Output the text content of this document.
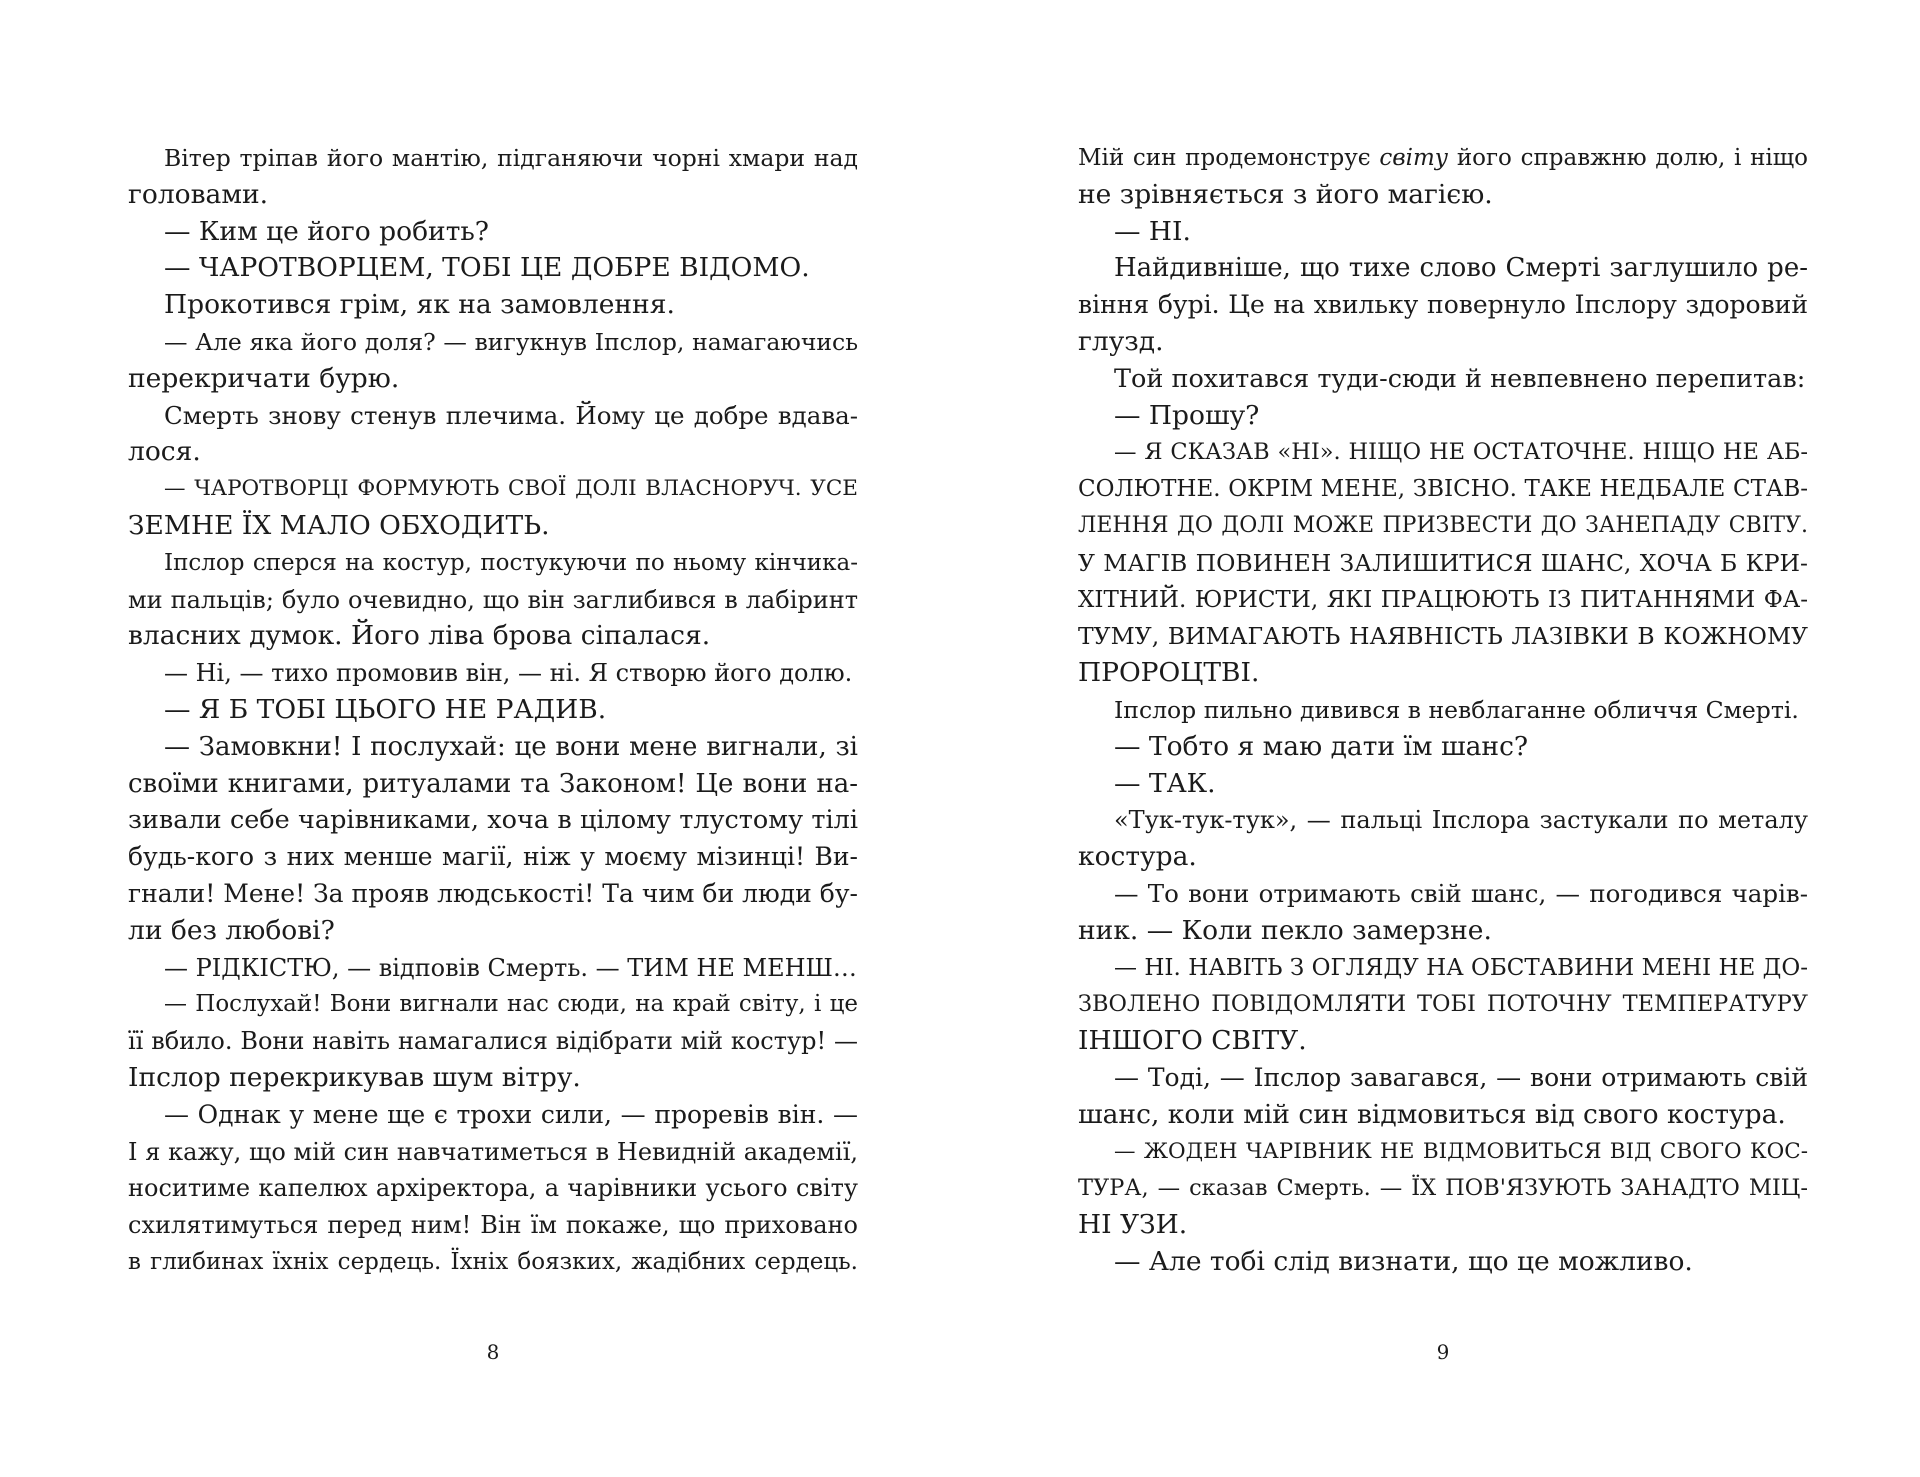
Вітер тріпав його мантію, підганяючи чорні хмари над
головами.
— Ким це його робить?
— ЧАРОТВОРЦЕМ, ТОБІ ЦЕ ДОБРЕ ВІДОМО.
Прокотився грім, як на замовлення.
— Але яка його доля? — вигукнув Іпслор, намагаючись
перекричати бурю.
Смерть знову стенув плечима. Йому це добре вдава-
лося.
— ЧАРОТВОРЦІ ФОРМУЮТЬ СВОЇ ДОЛІ ВЛАСНОРУЧ. УСЕ
ЗЕМНЕ ЇХ МАЛО ОБХОДИТЬ.
Іпслор сперся на костур, постукуючи по ньому кінчика-
ми пальців; було очевидно, що він заглибився в лабіринт
власних думок. Його ліва брова сіпалася.
— Ні, — тихо промовив він, — ні. Я створю його долю.
— Я Б ТОБІ ЦЬОГО НЕ РАДИВ.
— Замовкни! І послухай: це вони мене вигнали, зі
своїми книгами, ритуалами та Законом! Це вони на-
зивали себе чарівниками, хоча в цілому тлустому тілі
будь-кого з них менше магії, ніж у моєму мізинці! Ви-
гнали! Мене! За прояв людськості! Та чим би люди бу-
ли без любові?
— РІДКІСТЮ, — відповів Смерть. — ТИМ НЕ МЕНШ…
— Послухай! Вони вигнали нас сюди, на край світу, і це
її вбило. Вони навіть намагалися відібрати мій костур! —
Іпслор перекрикував шум вітру.
— Однак у мене ще є трохи сили, — проревів він. —
І я кажу, що мій син навчатиметься в Невидній академії,
носитиме капелюх архіректора, а чарівники усього світу
схилятимуться перед ним! Він їм покаже, що приховано
в глибинах їхніх сердець. Їхніх боязких, жадібних сердець.
8
Мій син продемонструє світу його справжню долю, і ніщо
не зрівняється з його магією.
— НІ.
Найдивніше, що тихе слово Смерті заглушило ре-
віння бурі. Це на хвильку повернуло Іпслору здоровий
глузд.
Той похитався туди-сюди й невпевнено перепитав:
— Прошу?
— Я СКАЗАВ «НІ». НІЩО НЕ ОСТАТОЧНЕ. НІЩО НЕ АБ-
СОЛЮТНЕ. ОКРІМ МЕНЕ, ЗВІСНО. ТАКЕ НЕДБАЛЕ СТАВ-
ЛЕННЯ ДО ДОЛІ МОЖЕ ПРИЗВЕСТИ ДО ЗАНЕПАДУ СВІТУ.
У МАГІВ ПОВИНЕН ЗАЛИШИТИСЯ ШАНС, ХОЧА Б КРИ-
ХІТНИЙ. ЮРИСТИ, ЯКІ ПРАЦЮЮТЬ ІЗ ПИТАННЯМИ ФА-
ТУМУ, ВИМАГАЮТЬ НАЯВНІСТЬ ЛАЗІВКИ В КОЖНОМУ
ПРОРОЦТВІ.
Іпслор пильно дивився в невблаганне обличчя Смерті.
— Тобто я маю дати їм шанс?
— ТАК.
«Тук-тук-тук», — пальці Іпслора застукали по металу
костура.
— То вони отримають свій шанс, — погодився чарів-
ник. — Коли пекло замерзне.
— НІ. НАВІТЬ З ОГЛЯДУ НА ОБСТАВИНИ МЕНІ НЕ ДО-
ЗВОЛЕНО ПОВІДОМЛЯТИ ТОБІ ПОТОЧНУ ТЕМПЕРАТУРУ
ІНШОГО СВІТУ.
— Тоді, — Іпслор завагався, — вони отримають свій
шанс, коли мій син відмовиться від свого костура.
— ЖОДЕН ЧАРІВНИК НЕ ВІДМОВИТЬСЯ ВІД СВОГО КОС-
ТУРА, — сказав Смерть. — ЇХ ПОВ'ЯЗУЮТЬ ЗАНАДТО МІЦ-
НІ УЗИ.
— Але тобі слід визнати, що це можливо.
9
